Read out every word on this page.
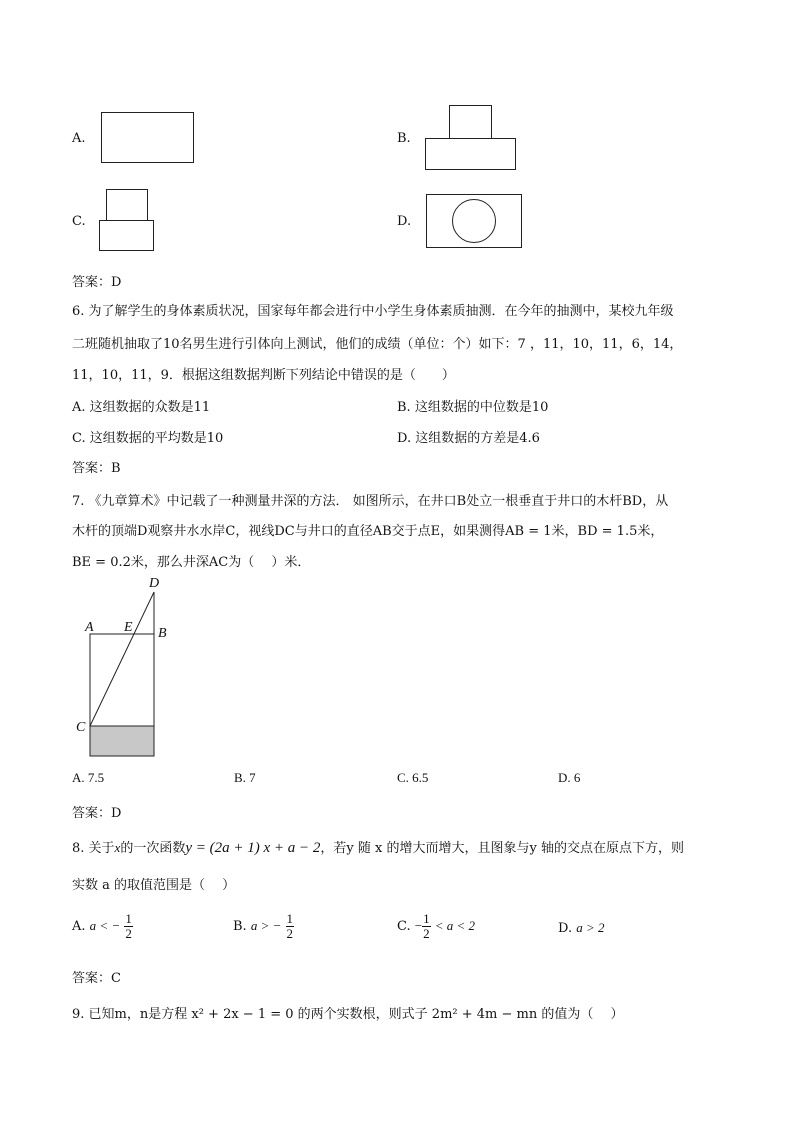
A.	B.
C.	D.
答案：D
6. 为了解学生的身体素质状况，国家每年都会进行中小学生身体素质抽测．在今年的抽测中，某校九年级
二班随机抽取了10名男生进行引体向上测试，他们的成绩（单位：个）如下：7 ，11，10，11，6，14，
11，10，11，9．根据这组数据判断下列结论中错误的是（　　）
A. 这组数据的众数是11	B. 这组数据的中位数是10
C. 这组数据的平均数是10	D. 这组数据的方差是4.6
答案：B
7. 《九章算术》中记载了一种测量井深的方法． 如图所示，在井口B处立一根垂直于井口的木杆BD，从
木杆的顶端D观察井水水岸C，视线DC与井口的直径AB交于点E，如果测得AB = 1米，BD = 1.5米，
BE = 0.2米，那么井深AC为（　 ）米．
D
A E B
C
A. 7.5	B. 7	C. 6.5	D. 6
答案：D
8. 关于x的一次函数y = (2a + 1) x + a − 2，若y 随 x 的增大而增大，且图象与y 轴的交点在原点下方，则
实数 a 的取值范围是（　 ）
A. a < − $\frac{1}{2}$	B. a > − $\frac{1}{2}$	C. − $\frac{1}{2} < a < 2$	D. a > 2
答案：C
9. 已知m，n是方程 x² + 2x − 1 = 0 的两个实数根，则式子 2m² + 4m − mn 的值为（　 ）
